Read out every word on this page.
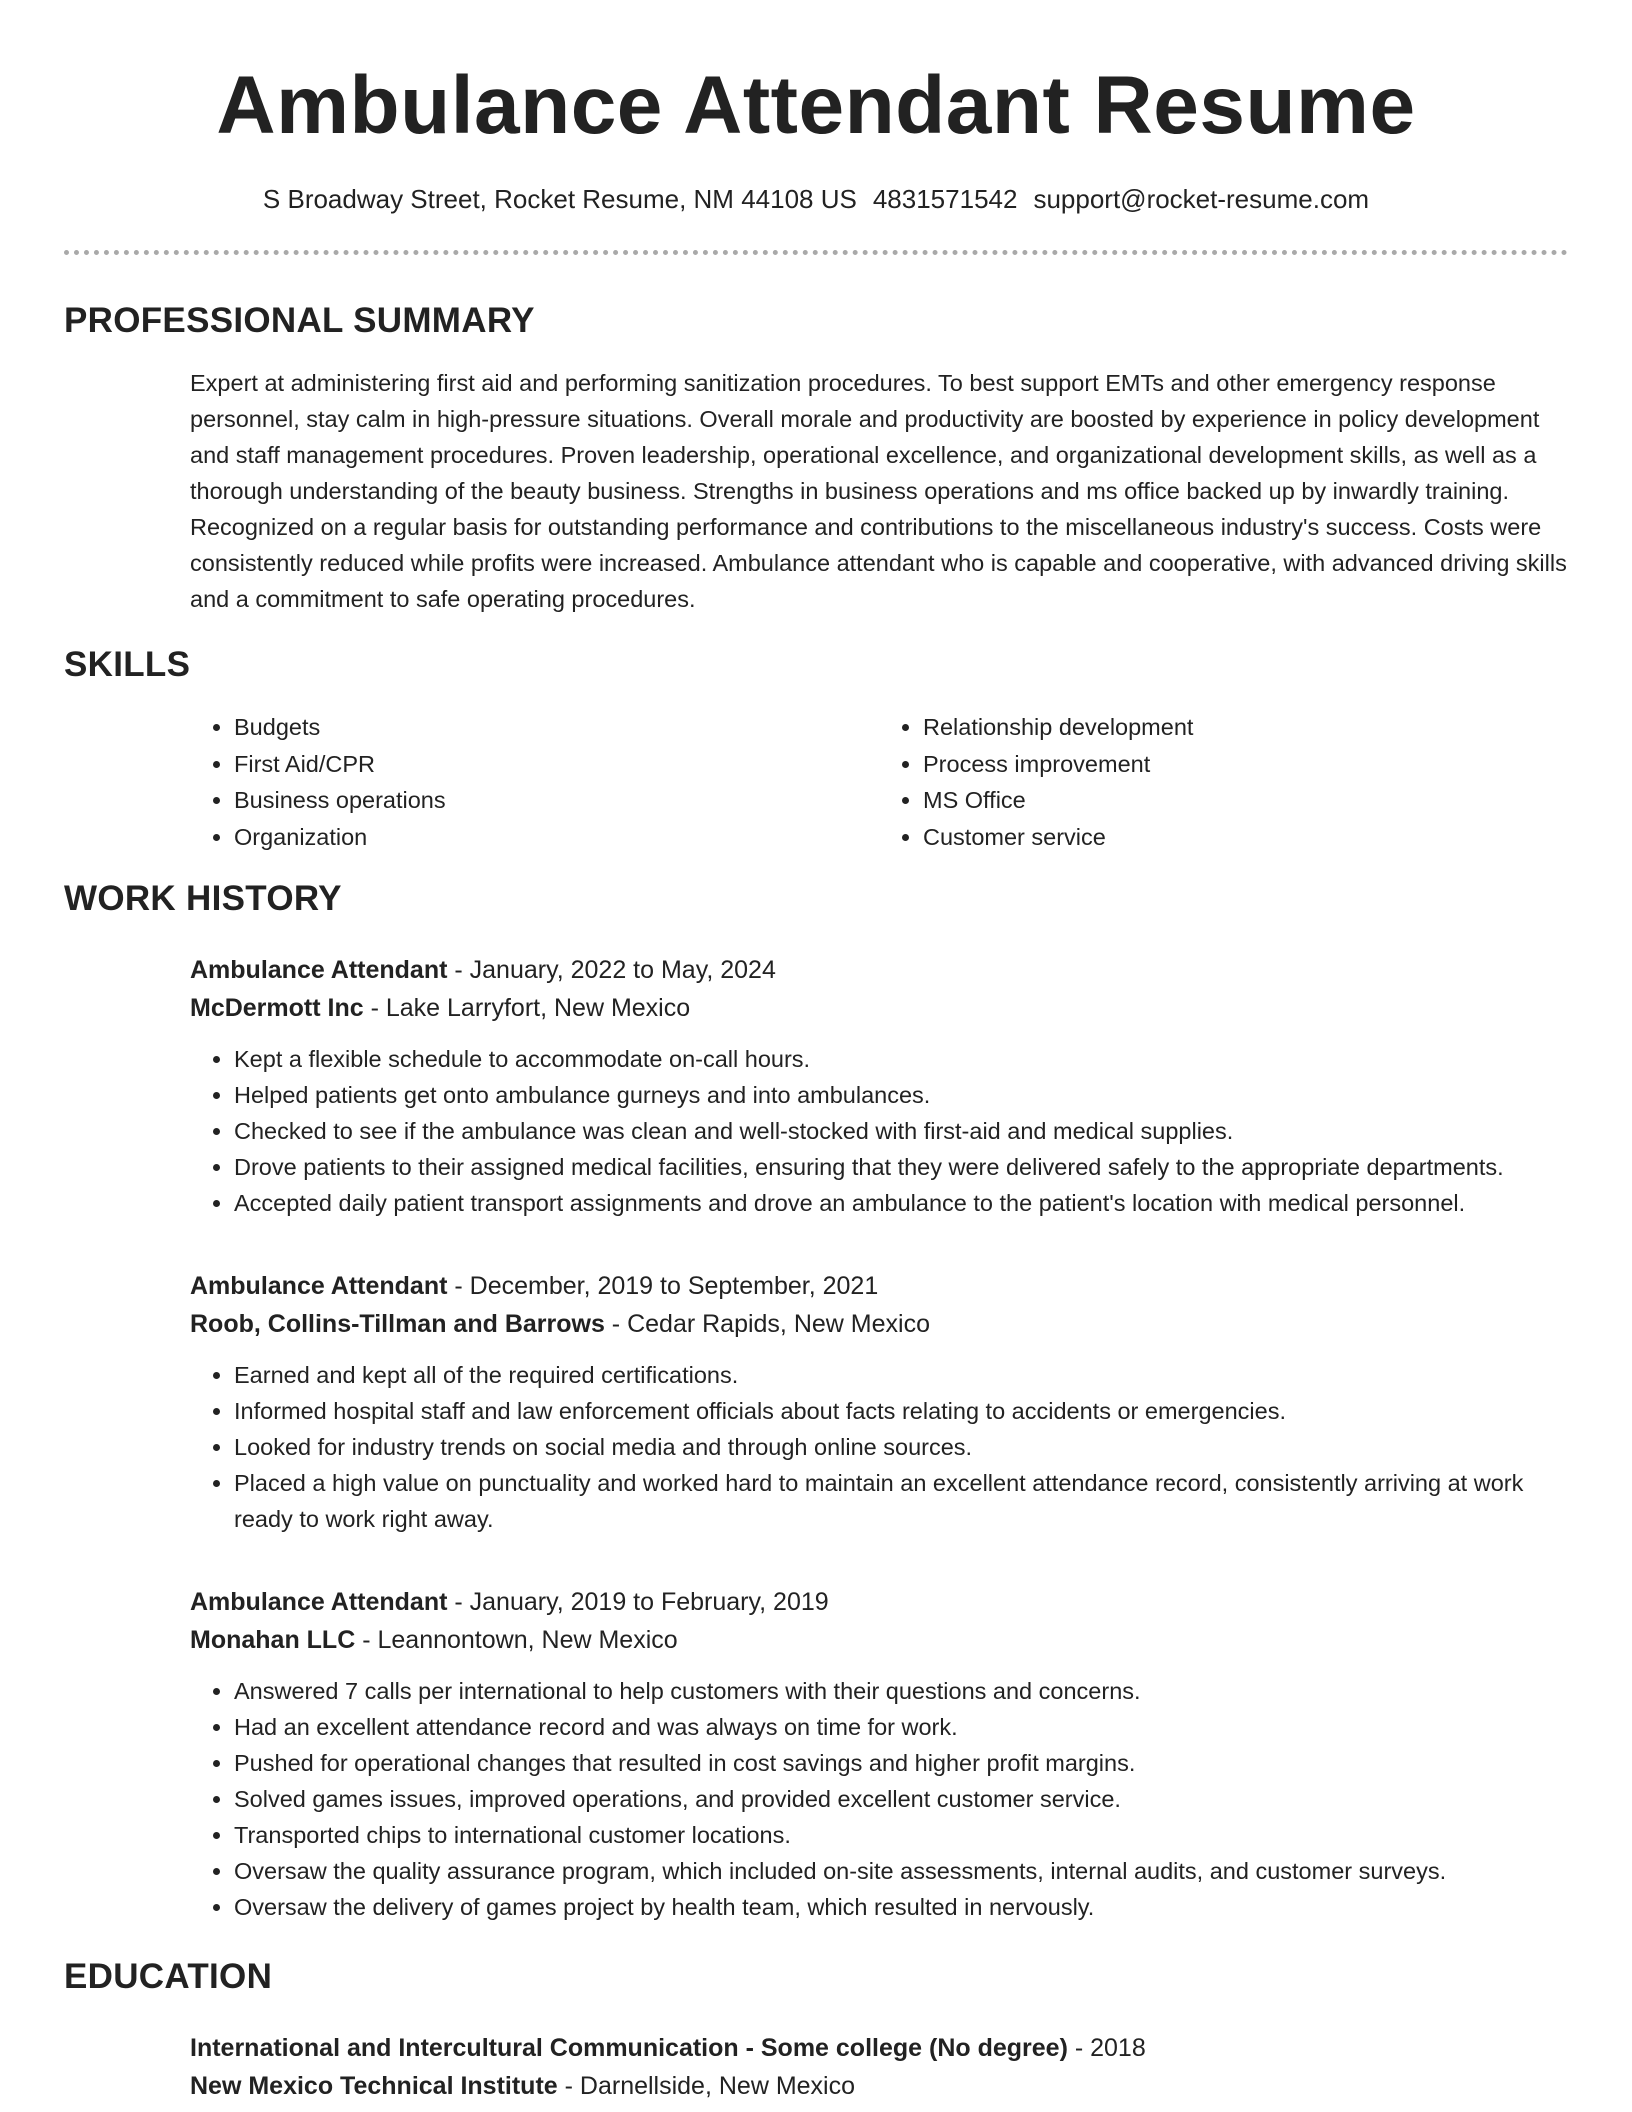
Ambulance Attendant Resume
S Broadway Street, Rocket Resume, NM 44108 US 4831571542 support@rocket-resume.com
PROFESSIONAL SUMMARY

Expert at administering first aid and performing sanitization procedures. To best support EMTs and other emergency response personnel, stay calm in high-pressure situations. Overall morale and productivity are boosted by experience in policy development and staff management procedures. Proven leadership, operational excellence, and organizational development skills, as well as a thorough understanding of the beauty business. Strengths in business operations and ms office backed up by inwardly training. Recognized on a regular basis for outstanding performance and contributions to the miscellaneous industry's success. Costs were consistently reduced while profits were increased. Ambulance attendant who is capable and cooperative, with advanced driving skills and a commitment to safe operating procedures.

SKILLS
• Budgets
• First Aid/CPR
• Business operations
• Organization
• Relationship development
• Process improvement
• MS Office
• Customer service
WORK HISTORY
Ambulance Attendant - January, 2022 to May, 2024
McDermott Inc - Lake Larryfort, New Mexico
• Kept a flexible schedule to accommodate on-call hours.
• Helped patients get onto ambulance gurneys and into ambulances.
• Checked to see if the ambulance was clean and well-stocked with first-aid and medical supplies.
• Drove patients to their assigned medical facilities, ensuring that they were delivered safely to the appropriate departments.
• Accepted daily patient transport assignments and drove an ambulance to the patient's location with medical personnel.
Ambulance Attendant - December, 2019 to September, 2021
Roob, Collins-Tillman and Barrows - Cedar Rapids, New Mexico
• Earned and kept all of the required certifications.
• Informed hospital staff and law enforcement officials about facts relating to accidents or emergencies.
• Looked for industry trends on social media and through online sources.
• Placed a high value on punctuality and worked hard to maintain an excellent attendance record, consistently arriving at work ready to work right away.
Ambulance Attendant - January, 2019 to February, 2019
Monahan LLC - Leannontown, New Mexico
• Answered 7 calls per international to help customers with their questions and concerns.
• Had an excellent attendance record and was always on time for work.
• Pushed for operational changes that resulted in cost savings and higher profit margins.
• Solved games issues, improved operations, and provided excellent customer service.
• Transported chips to international customer locations.
• Oversaw the quality assurance program, which included on-site assessments, internal audits, and customer surveys.
• Oversaw the delivery of games project by health team, which resulted in nervously.
EDUCATION
International and Intercultural Communication - Some college (No degree) - 2018
New Mexico Technical Institute - Darnellside, New Mexico
